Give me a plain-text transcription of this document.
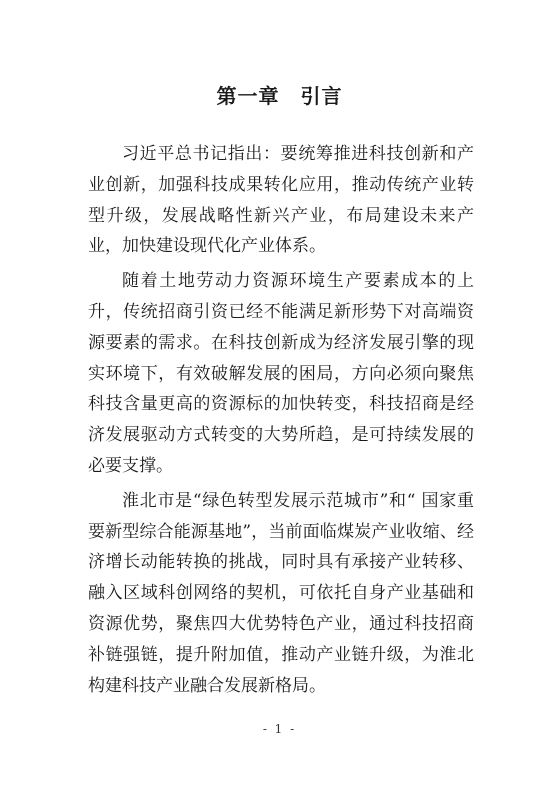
第一章　引言

习近平总书记指出：要统筹推进科技创新和产业创新，加强科技成果转化应用，推动传统产业转型升级，发展战略性新兴产业，布局建设未来产业，加快建设现代化产业体系。

随着土地劳动力资源环境生产要素成本的上升，传统招商引资已经不能满足新形势下对高端资源要素的需求。在科技创新成为经济发展引擎的现实环境下，有效破解发展的困局，方向必须向聚焦科技含量更高的资源标的加快转变，科技招商是经济发展驱动方式转变的大势所趋，是可持续发展的必要支撑。

淮北市是“绿色转型发展示范城市”和“ 国家重要新型综合能源基地”，当前面临煤炭产业收缩、经济增长动能转换的挑战，同时具有承接产业转移、融入区域科创网络的契机，可依托自身产业基础和资源优势，聚焦四大优势特色产业，通过科技招商补链强链，提升附加值，推动产业链升级，为淮北构建科技产业融合发展新格局。

- 1 -
